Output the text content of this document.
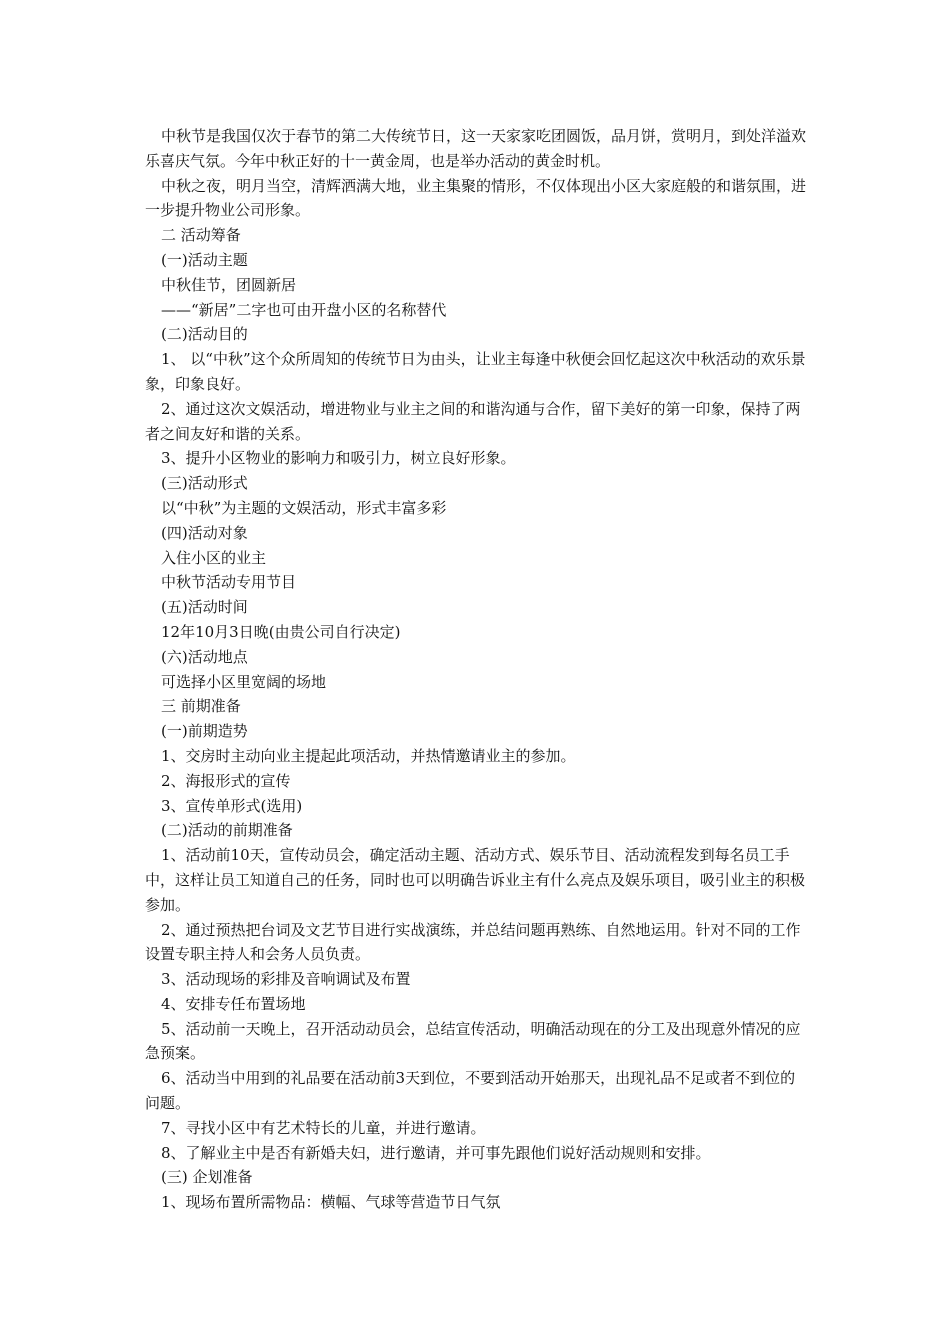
中秋节是我国仅次于春节的第二大传统节日，这一天家家吃团圆饭，品月饼，赏明月，到处洋溢欢乐喜庆气氛。今年中秋正好的十一黄金周，也是举办活动的黄金时机。

中秋之夜，明月当空，清辉洒满大地，业主集聚的情形，不仅体现出小区大家庭般的和谐氛围，进一步提升物业公司形象。

二 活动筹备

(一)活动主题

中秋佳节，团圆新居

——“新居”二字也可由开盘小区的名称替代

(二)活动目的

1、 以“中秋”这个众所周知的传统节日为由头，让业主每逢中秋便会回忆起这次中秋活动的欢乐景象，印象良好。

2、通过这次文娱活动，增进物业与业主之间的和谐沟通与合作，留下美好的第一印象，保持了两者之间友好和谐的关系。

3、提升小区物业的影响力和吸引力，树立良好形象。

(三)活动形式

以“中秋”为主题的文娱活动，形式丰富多彩

(四)活动对象

入住小区的业主

中秋节活动专用节目

(五)活动时间

12年10月3日晚(由贵公司自行决定)

(六)活动地点

可选择小区里宽阔的场地

三 前期准备

(一)前期造势

1、交房时主动向业主提起此项活动，并热情邀请业主的参加。

2、海报形式的宣传

3、宣传单形式(选用)

(二)活动的前期准备

1、活动前10天，宣传动员会，确定活动主题、活动方式、娱乐节目、活动流程发到每名员工手中，这样让员工知道自己的任务，同时也可以明确告诉业主有什么亮点及娱乐项目，吸引业主的积极参加。

2、通过预热把台词及文艺节目进行实战演练，并总结问题再熟练、自然地运用。针对不同的工作设置专职主持人和会务人员负责。

3、活动现场的彩排及音响调试及布置

4、安排专任布置场地

5、活动前一天晚上，召开活动动员会，总结宣传活动，明确活动现在的分工及出现意外情况的应急预案。

6、活动当中用到的礼品要在活动前3天到位，不要到活动开始那天，出现礼品不足或者不到位的问题。

7、寻找小区中有艺术特长的儿童，并进行邀请。

8、了解业主中是否有新婚夫妇，进行邀请，并可事先跟他们说好活动规则和安排。

(三) 企划准备

1、现场布置所需物品：横幅、气球等营造节日气氛
